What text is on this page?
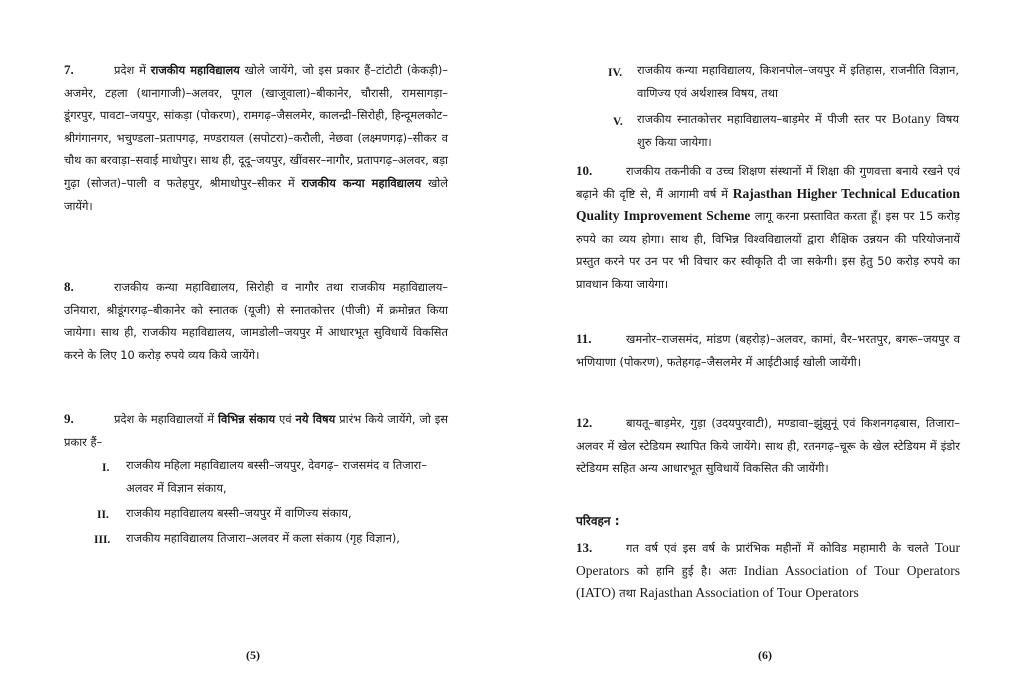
7.	प्रदेश में राजकीय महाविद्यालय खोले जायेंगे, जो इस प्रकार हैं–टांटोटी (केकड़ी)–अजमेर, टहला (थानागाजी)–अलवर, पूगल (खाजूवाला)–बीकानेर, चौरासी, रामसागड़ा–डूंगरपुर, पावटा–जयपुर, सांकड़ा (पोकरण), रामगढ़–जैसलमेर, कालन्द्री–सिरोही, हिन्दूमलकोट–श्रीगंगानगर, भचुण्डला–प्रतापगढ़, मण्डरायल (सपोटरा)–करौली, नेछवा (लक्ष्मणगढ़)–सीकर व चौथ का बरवाड़ा–सवाई माधोपुर। साथ ही, दूदू–जयपुर, खींवसर–नागौर, प्रतापगढ़–अलवर, बड़ा गुढ़ा (सोजत)–पाली व फतेहपुर, श्रीमाधोपुर–सीकर में राजकीय कन्या महाविद्यालय खोले जायेंगे।

8.	राजकीय कन्या महाविद्यालय, सिरोही व नागौर तथा राजकीय महाविद्यालय–उनियारा, श्रीडूंगरगढ़–बीकानेर को स्नातक (यूजी) से स्नातकोत्तर (पीजी) में क्रमोन्नत किया जायेगा। साथ ही, राजकीय महाविद्यालय, जामडोली–जयपुर में आधारभूत सुविधायें विकसित करने के लिए 10 करोड़ रुपये व्यय किये जायेंगे।

9.	प्रदेश के महाविद्यालयों में विभिन्न संकाय एवं नये विषय प्रारंभ किये जायेंगे, जो इस प्रकार हैं–

I. राजकीय महिला महाविद्यालय बस्सी–जयपुर, देवगढ़– राजसमंद व तिजारा–अलवर में विज्ञान संकाय,
II. राजकीय महाविद्यालय बस्सी–जयपुर में वाणिज्य संकाय,
III. राजकीय महाविद्यालय तिजारा–अलवर में कला संकाय (गृह विज्ञान),
(5)
IV. राजकीय कन्या महाविद्यालय, किशनपोल–जयपुर में इतिहास, राजनीति विज्ञान, वाणिज्य एवं अर्थशास्त्र विषय, तथा
V. राजकीय स्नातकोत्तर महाविद्यालय–बाड़मेर में पीजी स्तर पर Botany विषय शुरु किया जायेगा।

10.	राजकीय तकनीकी व उच्च शिक्षण संस्थानों में शिक्षा की गुणवत्ता बनाये रखने एवं बढ़ाने की दृष्टि से, मैं आगामी वर्ष में Rajasthan Higher Technical Education Quality Improvement Scheme लागू करना प्रस्तावित करता हूँ। इस पर 15 करोड़ रुपये का व्यय होगा। साथ ही, विभिन्न विश्वविद्यालयों द्वारा शैक्षिक उन्नयन की परियोजनायें प्रस्तुत करने पर उन पर भी विचार कर स्वीकृति दी जा सकेगी। इस हेतु 50 करोड़ रुपये का प्रावधान किया जायेगा।

11.	खमनोर–राजसमंद, मांडण (बहरोड़)–अलवर, कामां, वैर–भरतपुर, बगरू–जयपुर व भणियाणा (पोकरण), फतेहगढ़–जैसलमेर में आईटीआई खोली जायेंगी।

12.	बायतू–बाड़मेर, गुड़ा (उदयपुरवाटी), मण्डावा–झुंझुनूं एवं किशनगढ़बास, तिजारा–अलवर में खेल स्टेडियम स्थापित किये जायेंगे। साथ ही, रतनगढ़–चूरू के खेल स्टेडियम में इंडोर स्टेडियम सहित अन्य आधारभूत सुविधायें विकसित की जायेंगी।

परिवहन :

13.	गत वर्ष एवं इस वर्ष के प्रारंभिक महीनों में कोविड महामारी के चलते Tour Operators को हानि हुई है। अतः Indian Association of Tour Operators (IATO) तथा Rajasthan Association of Tour Operators

(6)
